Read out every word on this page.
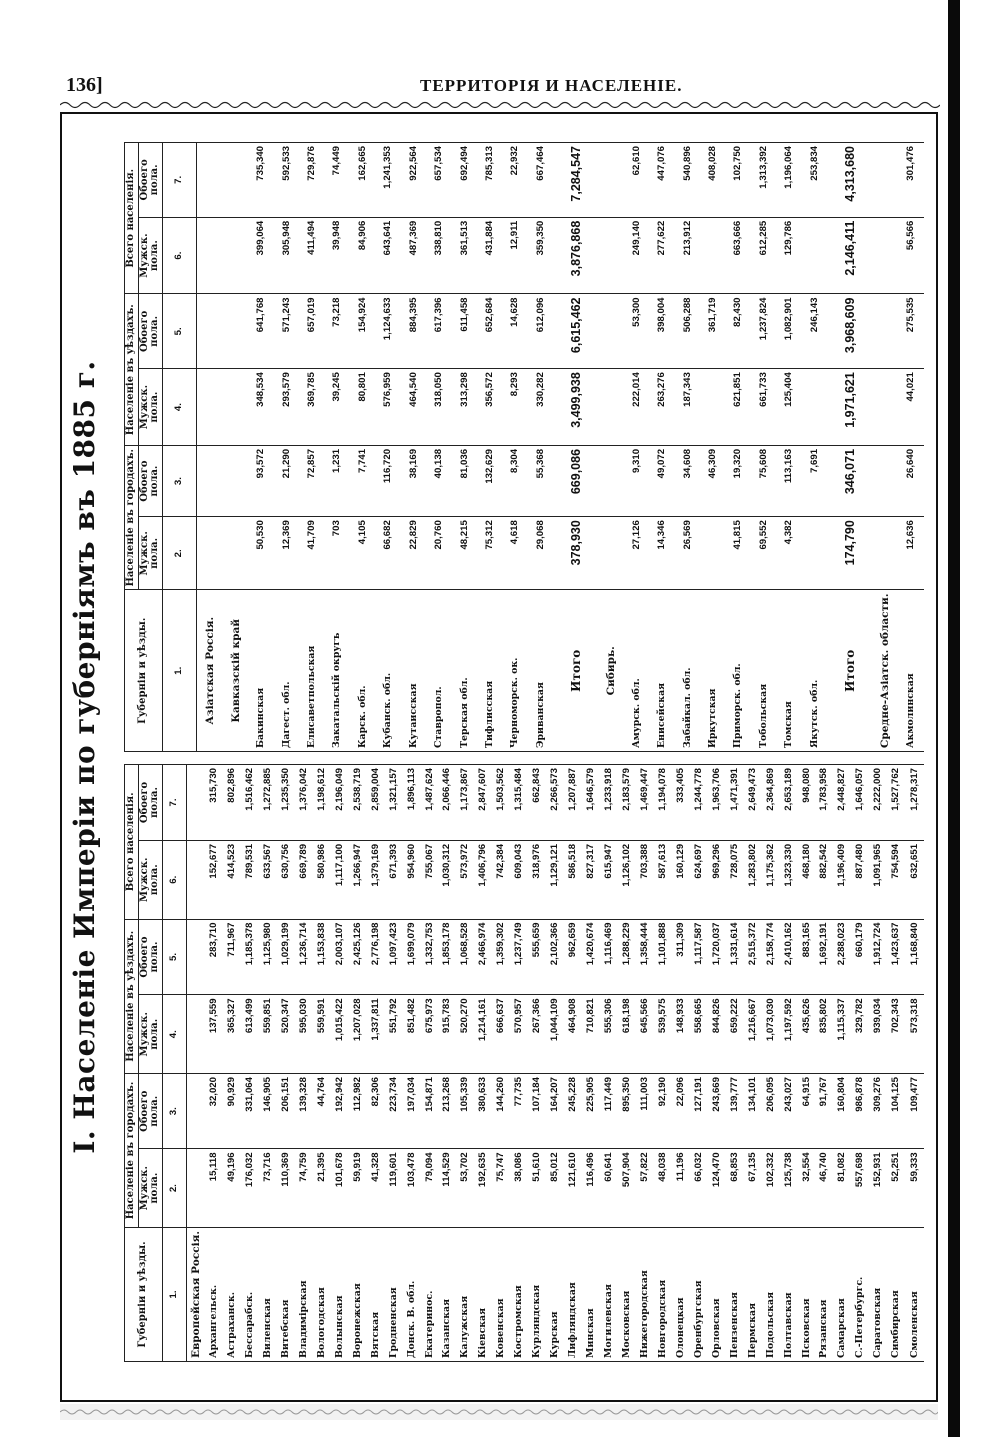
136]	ТЕРРИТОРІЯ И НАСЕЛЕНІЕ.
I. Населеніе Имперіи по губерніямъ въ 1885 г.
Губерніи и уѣзды.	Населеніе въ городахъ.		Населеніе въ уѣздахъ.		Всего населенія.	
	Мужск. пола.	Обоего пола.	Мужск. пола.	Обоего пола.	Мужск. пола.	Обоего пола.
1.	2.	3.	4.	5.	6.	7.
Европейская Россія.						
Архангельск.	15,118	32,020	137,559	283,710	152,677	315,730
Астраханск.	49,196	90,929	365,327	711,967	414,523	802,896
Бессарабск.	176,032	331,064	613,499	1,185,378	789,531	1,516,462
Виленская	73,716	146,905	559,851	1,125,980	633,567	1,272,885
Витебская	110,369	206,151	520,347	1,029,199	630,756	1,235,350
Владимірская	74,759	139,328	595,030	1,236,714	669,789	1,376,042
Вологодская	21,395	44,764	559,591	1,153,838	580,986	1,198,612
Волынская	101,678	192,942	1,015,422	2,003,107	1,117,100	2,196,049
Воронежская	59,919	112,982	1,207,028	2,425,126	1,266,947	2,538,719
Вятская	41,328	82,306	1,337,811	2,776,198	1,379,169	2,859,004
Гродненская	119,601	223,734	551,792	1,097,423	671,393	1,321,157
Донск. В. обл.	103,478	197,034	851,482	1,699,079	954,960	1,896,113
Екатеринос.	79,094	154,871	675,973	1,332,753	755,067	1,487,624
Казанская	114,529	213,268	915,783	1,853,178	1,030,312	2,066,446
Калужская	53,702	105,339	520,270	1,068,528	573,972	1,173,867
Кіевская	192,635	380,633	1,214,161	2,466,974	1,406,796	2,847,607
Ковенская	75,747	144,260	666,637	1,359,302	742,384	1,503,562
Костромская	38,086	77,735	570,957	1,237,749	609,043	1,315,484
Курляндская	51,610	107,184	267,366	555,659	318,976	662,843
Курская	85,012	164,207	1,044,109	2,102,366	1,129,121	2,266,573
Лифляндская	121,610	245,228	464,908	962,659	586,518	1,207,887
Минская	116,496	225,905	710,821	1,420,674	827,317	1,646,579
Могилевская	60,641	117,449	555,306	1,116,469	615,947	1,233,918
Московская	507,904	895,350	618,198	1,288,229	1,126,102	2,183,579
Нижегородская	57,822	111,003	645,566	1,358,444	703,388	1,469,447
Новгородская	48,038	92,190	539,575	1,101,888	587,613	1,194,078
Олонецкая	11,196	22,096	148,933	311,309	160,129	333,405
Оренбургская	66,032	127,191	558,665	1,117,587	624,697	1,244,778
Орловская	124,470	243,669	844,826	1,720,037	969,296	1,963,706
Пензенская	68,853	139,777	659,222	1,331,614	728,075	1,471,391
Пермская	67,135	134,101	1,216,667	2,515,372	1,283,802	2,649,473
Подольская	102,332	206,095	1,073,030	2,158,774	1,175,362	2,364,869
Полтавская	125,738	243,027	1,197,592	2,410,162	1,323,330	2,653,189
Псковская	32,554	64,915	435,626	883,165	468,180	948,080
Рязанская	46,740	91,767	835,802	1,692,191	882,542	1,783,958
Самарская	81,082	160,804	1,115,337	2,288,023	1,196,409	2,448,827
С.-Петербургс.	557,698	986,878	329,782	660,179	887,480	1,646,057
Саратовская	152,931	309,276	939,034	1,912,724	1,091,965	2,222,000
Симбирская	52,251	104,125	702,343	1,423,637	754,594	1,527,762
Смоленская	59,333	109,477	573,318	1,168,840	632,651	1,278,317
Губерніи и уѣзды.	Населеніе въ городахъ.		Населеніе въ уѣздахъ.		Всего населенія.	
	Мужск. пола.	Обоего пола.	Мужск. пола.	Обоего пола.	Мужск. пола.	Обоего пола.
1.	2.	3.	4.	5.	6.	7.
Азіатская Россія.						
Кавказскій край						
Бакинская	50,530	93,572	348,534	641,768	399,064	735,340
Дагест. обл.	12,369	21,290	293,579	571,243	305,948	592,533
Елисаветпольская	41,709	72,857	369,785	657,019	411,494	729,876
Закатальскій округъ	703	1,231	39,245	73,218	39,948	74,449
Карск. обл.	4,105	7,741	80,801	154,924	84,906	162,665
Кубанск. обл.	66,682	116,720	576,959	1,124,633	643,641	1,241,353
Кутаисская	22,829	38,169	464,540	884,395	487,369	922,564
Ставропол.	20,760	40,138	318,050	617,396	338,810	657,534
Терская обл.	48,215	81,036	313,298	611,458	361,513	692,494
Тифлисская	75,312	132,629	356,572	652,684	431,884	785,313
Черноморск. ок.	4,618	8,304	8,293	14,628	12,911	22,932
Эриванская	29,068	55,368	330,282	612,096	359,350	667,464
Итого	378,930	669,086	3,499,938	6,615,462	3,876,868	7,284,547
Сибирь.						
Амурск. обл.	27,126	9,310	222,014	53,300	249,140	62,610
Енисейская	14,346	49,072	263,276	398,004	277,622	447,076
Забайкал. обл.	26,569	34,608	187,343	506,288	213,912	540,896
Иркутская		46,309		361,719		408,028
Приморск. обл.	41,815	19,320	621,851	82,430	663,666	102,750
Тобольская	69,552	75,608	661,733	1,237,824	612,285	1,313,392
Томская	4,382	113,163	125,404	1,082,901	129,786	1,196,064
Якутск. обл.		7,691		246,143		253,834
Итого	174,790	346,071	1,971,621	3,968,609	2,146,411	4,313,680
Средне-Азіатск. области.						
Акмолинская	12,636	26,640	44,021	275,535	56,566	301,476
